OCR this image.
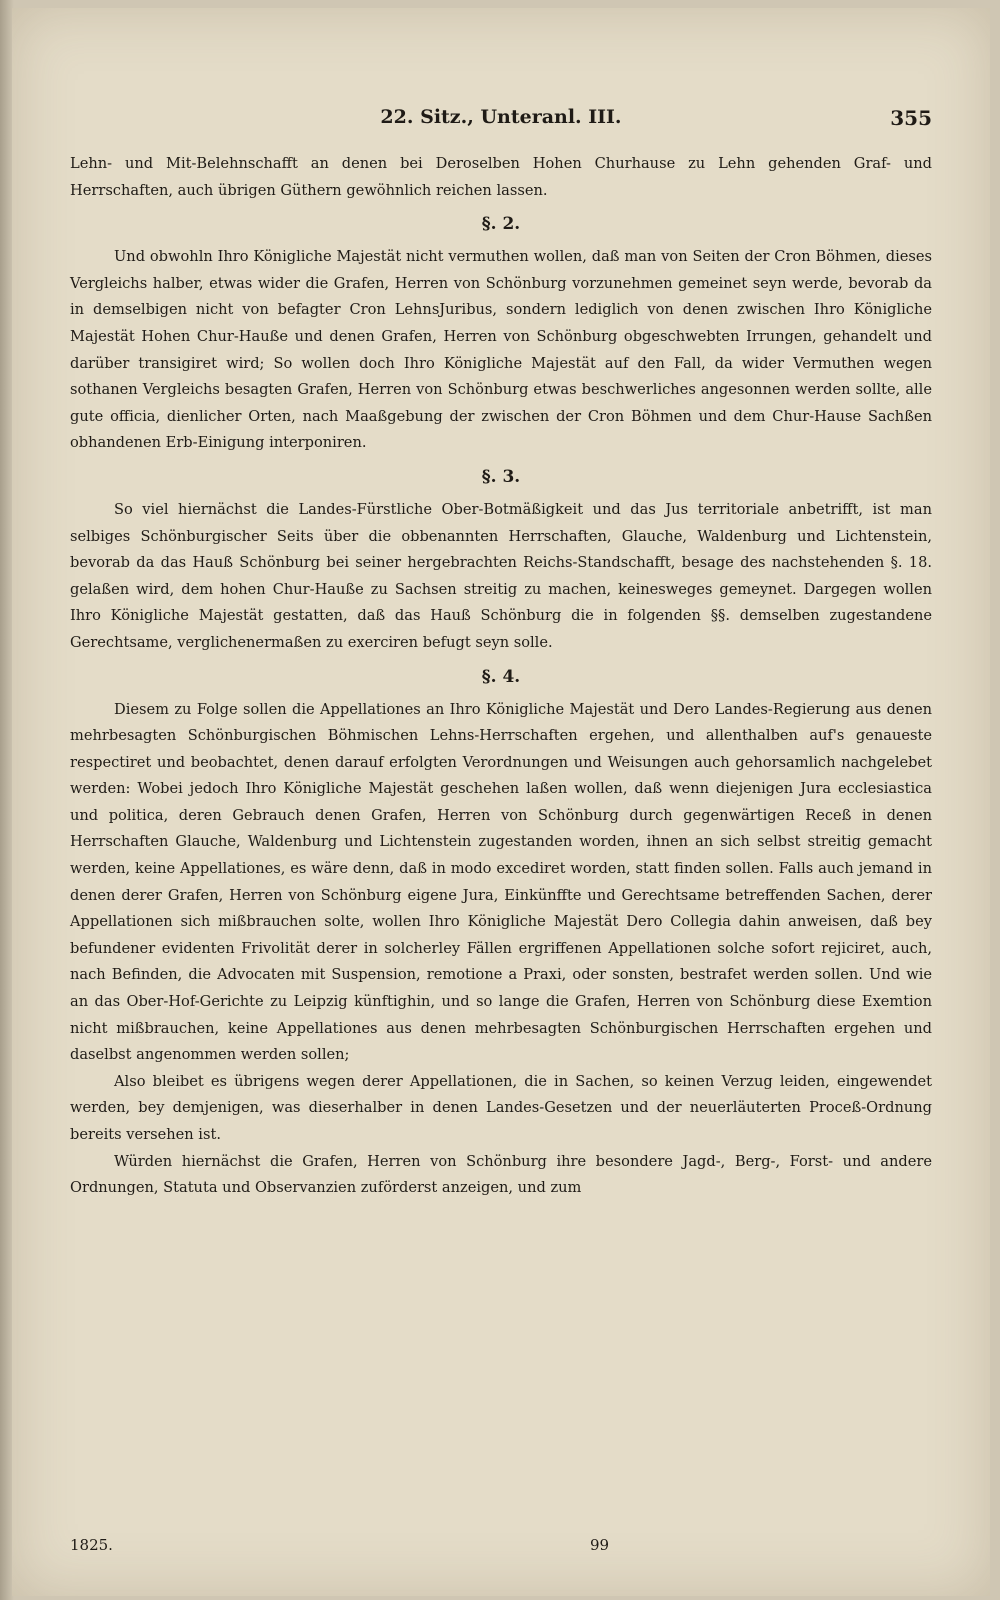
22. Sitz., Unteranl. III.	355

Lehn- und Mit-Belehnschafft an denen bei Deroselben Hohen Churhause zu Lehn gehenden Graf- und Herrschaften, auch übrigen Güthern gewöhnlich reichen lassen.

§. 2.

Und obwohln Ihro Königliche Majestät nicht vermuthen wollen, daß man von Seiten der Cron Böhmen, dieses Vergleichs halber, etwas wider die Grafen, Herren von Schönburg vorzunehmen gemeinet seyn werde, bevorab da in demselbigen nicht von befagter Cron LehnsJuribus, sondern lediglich von denen zwischen Ihro Königliche Majestät Hohen Chur-Hauße und denen Grafen, Herren von Schönburg obgeschwebten Irrungen, gehandelt und darüber transigiret wird; So wollen doch Ihro Königliche Majestät auf den Fall, da wider Vermuthen wegen sothanen Vergleichs besagten Grafen, Herren von Schönburg etwas beschwerliches angesonnen werden sollte, alle gute officia, dienlicher Orten, nach Maaßgebung der zwischen der Cron Böhmen und dem Chur-Hause Sachßen obhandenen Erb-Einigung interponiren.

§. 3.

So viel hiernächst die Landes-Fürstliche Ober-Botmäßigkeit und das Jus territoriale anbetrifft, ist man selbiges Schönburgischer Seits über die obbenannten Herrschaften, Glauche, Waldenburg und Lichtenstein, bevorab da das Hauß Schönburg bei seiner hergebrachten Reichs-Standschafft, besage des nachstehenden §. 18. gelaßen wird, dem hohen Chur-Hauße zu Sachsen streitig zu machen, keinesweges gemeynet. Dargegen wollen Ihro Königliche Majestät gestatten, daß das Hauß Schönburg die in folgenden §§. demselben zugestandene Gerechtsame, verglichenermaßen zu exerciren befugt seyn solle.

§. 4.

Diesem zu Folge sollen die Appellationes an Ihro Königliche Majestät und Dero Landes-Regierung aus denen mehrbesagten Schönburgischen Böhmischen Lehns-Herrschaften ergehen, und allenthalben auf's genaueste respectiret und beobachtet, denen darauf erfolgten Verordnungen und Weisungen auch gehorsamlich nachgelebet werden: Wobei jedoch Ihro Königliche Majestät geschehen laßen wollen, daß wenn diejenigen Jura ecclesiastica und politica, deren Gebrauch denen Grafen, Herren von Schönburg durch gegenwärtigen Receß in denen Herrschaften Glauche, Waldenburg und Lichtenstein zugestanden worden, ihnen an sich selbst streitig gemacht werden, keine Appellationes, es wäre denn, daß in modo excediret worden, statt finden sollen. Falls auch jemand in denen derer Grafen, Herren von Schönburg eigene Jura, Einkünffte und Gerechtsame betreffenden Sachen, derer Appellationen sich mißbrauchen solte, wollen Ihro Königliche Majestät Dero Collegia dahin anweisen, daß bey befundener evidenten Frivolität derer in solcherley Fällen ergriffenen Appellationen solche sofort rejiciret, auch, nach Befinden, die Advocaten mit Suspension, remotione a Praxi, oder sonsten, bestrafet werden sollen. Und wie an das Ober-Hof-Gerichte zu Leipzig künftighin, und so lange die Grafen, Herren von Schönburg diese Exemtion nicht mißbrauchen, keine Appellationes aus denen mehrbesagten Schönburgischen Herrschaften ergehen und daselbst angenommen werden sollen;

Also bleibet es übrigens wegen derer Appellationen, die in Sachen, so keinen Verzug leiden, eingewendet werden, bey demjenigen, was dieserhalber in denen Landes-Gesetzen und der neuerläuterten Proceß-Ordnung bereits versehen ist.

Würden hiernächst die Grafen, Herren von Schönburg ihre besondere Jagd-, Berg-, Forst- und andere Ordnungen, Statuta und Observanzien zuförderst anzeigen, und zum

1825.	99
